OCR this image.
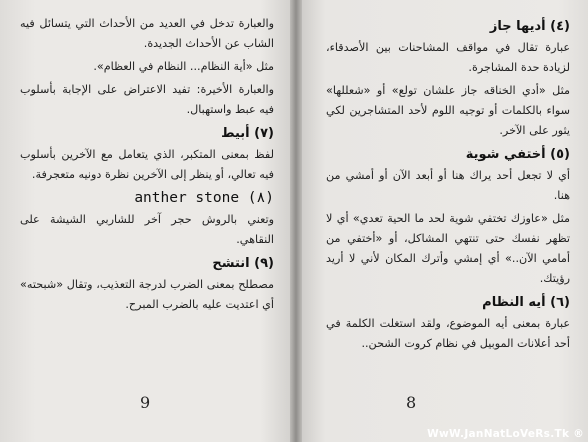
والعبارة تدخل في العديد من الأحداث التي يتسائل فيه الشاب عن الأحداث الجديدة.

مثل «أية النظام... النظام في العظام».

والعبارة الأخيرة: تفيد الاعتراض على الإجابة بأسلوب فيه عبط واستهبال.

(٧) أبيط

لفظ بمعنى المتكبر، الذي يتعامل مع الآخرين بأسلوب فيه تعالي، أو ينظر إلى الآخرين نظرة دونيه متعجرفة.

anther stone (٨)

وتعني بالروش حجر آخر للشاربي الشيشة على النقاهي.

(٩) انتشح

مصطلح بمعنى الضرب لدرجة التعذيب، وتقال «شبحته» أي اعتديت عليه بالضرب المبرح.

9
(٤) أديها جاز

عبارة تقال في مواقف المشاحنات بين الأصدقاء، لزيادة حدة المشاجرة.

مثل «أدي الخناقه جاز علشان تولع» أو «شعللها» سواء بالكلمات أو توجيه اللوم لأحد المتشاجرين لكي يثور على الآخر.

(٥) أختفي شوية

أي لا تجعل أحد يراك هنا أو أبعد الآن أو أمشي من هنا.

مثل «عاوزك تختفي شوية لحد ما الحية تعدي» أي لا تظهر نفسك حتى تنتهي المشاكل، أو «أختفي من أمامي الآن..» أي إمشي وأترك المكان لأني لا أريد رؤيتك.

(٦) أيه النظام

عبارة بمعنى أيه الموضوع، ولقد استغلت الكلمة في أحد أعلانات الموبيل في نظام كروت الشحن..

8
WwW.JanNatLoVeRs.Tk ®
